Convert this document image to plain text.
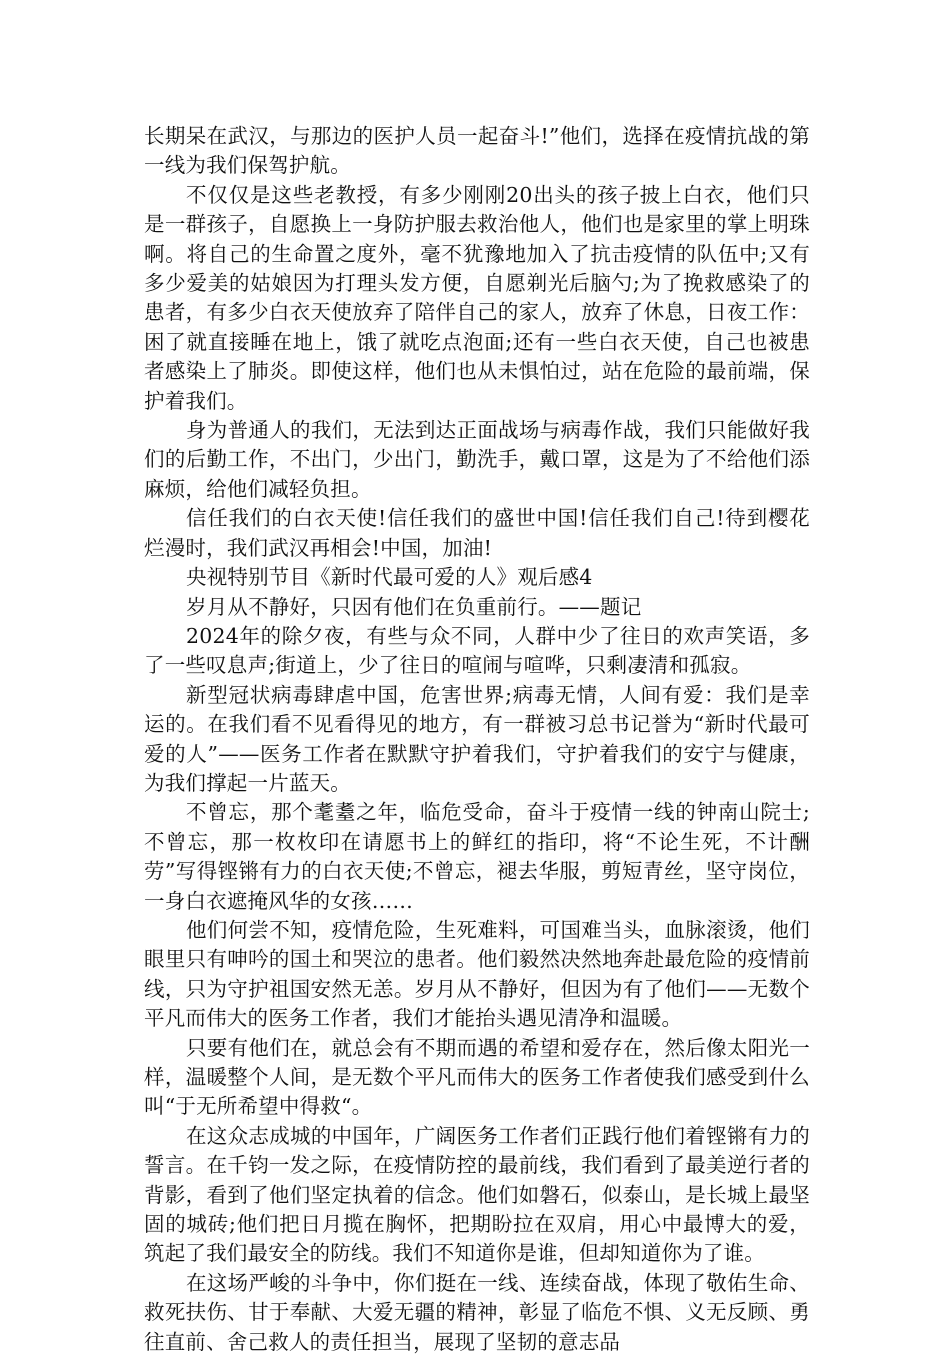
长期呆在武汉，与那边的医护人员一起奋斗!”他们，选择在疫情抗战的第一线为我们保驾护航。

不仅仅是这些老教授，有多少刚刚20出头的孩子披上白衣，他们只是一群孩子，自愿换上一身防护服去救治他人，他们也是家里的掌上明珠啊。将自己的生命置之度外，毫不犹豫地加入了抗击疫情的队伍中;又有多少爱美的姑娘因为打理头发方便，自愿剃光后脑勺;为了挽救感染了的患者，有多少白衣天使放弃了陪伴自己的家人，放弃了休息，日夜工作：困了就直接睡在地上，饿了就吃点泡面;还有一些白衣天使，自己也被患者感染上了肺炎。即使这样，他们也从未惧怕过，站在危险的最前端，保护着我们。

身为普通人的我们，无法到达正面战场与病毒作战，我们只能做好我们的后勤工作，不出门，少出门，勤洗手，戴口罩，这是为了不给他们添麻烦，给他们减轻负担。

信任我们的白衣天使!信任我们的盛世中国!信任我们自己!待到樱花烂漫时，我们武汉再相会!中国，加油!

央视特别节目《新时代最可爱的人》观后感4

岁月从不静好，只因有他们在负重前行。——题记

2024年的除夕夜，有些与众不同，人群中少了往日的欢声笑语，多了一些叹息声;街道上，少了往日的喧闹与喧哗，只剩凄清和孤寂。

新型冠状病毒肆虐中国，危害世界;病毒无情，人间有爱：我们是幸运的。在我们看不见看得见的地方，有一群被习总书记誉为“新时代最可爱的人”——医务工作者在默默守护着我们，守护着我们的安宁与健康，为我们撑起一片蓝天。

不曾忘，那个耄耋之年，临危受命，奋斗于疫情一线的钟南山院士;不曾忘，那一枚枚印在请愿书上的鲜红的指印，将“不论生死，不计酬劳”写得铿锵有力的白衣天使;不曾忘，褪去华服，剪短青丝，坚守岗位，一身白衣遮掩风华的女孩……

他们何尝不知，疫情危险，生死难料，可国难当头，血脉滚烫，他们眼里只有呻吟的国土和哭泣的患者。他们毅然决然地奔赴最危险的疫情前线，只为守护祖国安然无恙。岁月从不静好，但因为有了他们——无数个平凡而伟大的医务工作者，我们才能抬头遇见清净和温暖。

只要有他们在，就总会有不期而遇的希望和爱存在，然后像太阳光一样，温暖整个人间，是无数个平凡而伟大的医务工作者使我们感受到什么叫“于无所希望中得救“。

在这众志成城的中国年，广阔医务工作者们正践行他们着铿锵有力的誓言。在千钧一发之际，在疫情防控的最前线，我们看到了最美逆行者的背影，看到了他们坚定执着的信念。他们如磐石，似泰山，是长城上最坚固的城砖;他们把日月揽在胸怀，把期盼拉在双肩，用心中最博大的爱，筑起了我们最安全的防线。我们不知道你是谁，但却知道你为了谁。

在这场严峻的斗争中，你们挺在一线、连续奋战，体现了敬佑生命、救死扶伤、甘于奉献、大爱无疆的精神，彰显了临危不惧、义无反顾、勇往直前、舍己救人的责任担当，展现了坚韧的意志品
